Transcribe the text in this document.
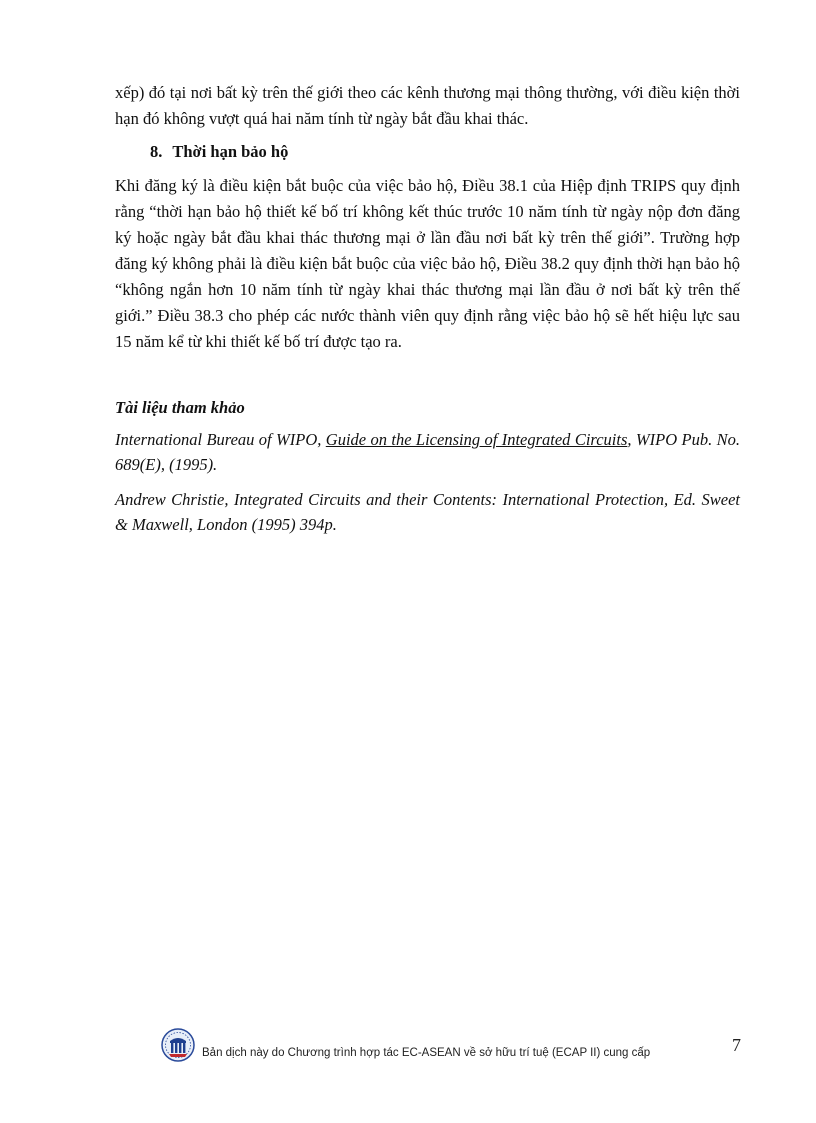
xếp) đó tại nơi bất kỳ trên thế giới theo các kênh thương mại thông thường, với điều kiện thời hạn đó không vượt quá hai năm tính từ ngày bắt đầu khai thác.

8. Thời hạn bảo hộ

Khi đăng ký là điều kiện bắt buộc của việc bảo hộ, Điều 38.1 của Hiệp định TRIPS quy định rằng “thời hạn bảo hộ thiết kế bố trí không kết thúc trước 10 năm tính từ ngày nộp đơn đăng ký hoặc ngày bắt đầu khai thác thương mại ở lần đầu nơi bất kỳ trên thế giới”. Trường hợp đăng ký không phải là điều kiện bắt buộc của việc bảo hộ, Điều 38.2 quy định thời hạn bảo hộ “không ngắn hơn 10 năm tính từ ngày khai thác thương mại lần đầu ở nơi bất kỳ trên thế giới.” Điều 38.3 cho phép các nước thành viên quy định rằng việc bảo hộ sẽ hết hiệu lực sau 15 năm kể từ khi thiết kế bố trí được tạo ra.

Tài liệu tham khảo

International Bureau of WIPO, Guide on the Licensing of Integrated Circuits, WIPO Pub. No. 689(E), (1995).

Andrew Christie, Integrated Circuits and their Contents: International Protection, Ed. Sweet & Maxwell, London (1995) 394p.

Bản dịch này do Chương trình hợp tác EC-ASEAN về sở hữu trí tuệ (ECAP II) cung cấp	7
